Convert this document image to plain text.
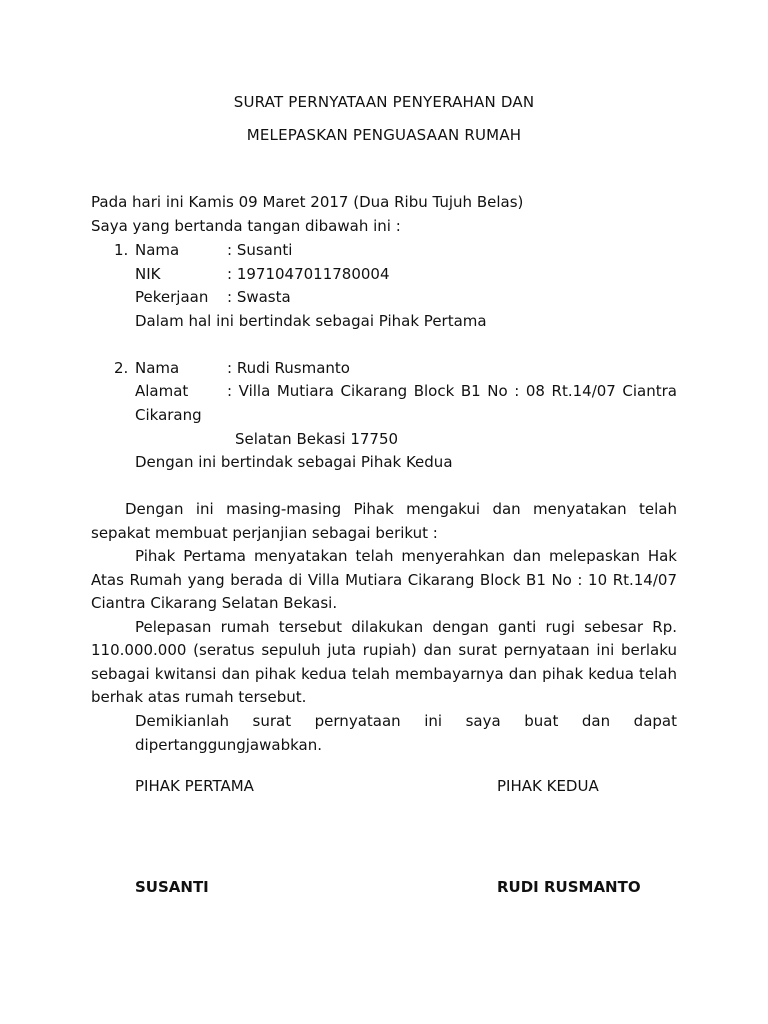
SURAT PERNYATAAN PENYERAHAN DAN
MELEPASKAN PENGUASAAN RUMAH
Pada hari ini Kamis 09 Maret 2017 (Dua Ribu Tujuh Belas)
Saya yang bertanda tangan dibawah ini :
1. Nama	: Susanti
NIK	: 1971047011780004
Pekerjaan : Swasta
Dalam hal ini bertindak sebagai Pihak Pertama
2. Nama	: Rudi Rusmanto
Alamat	: Villa Mutiara Cikarang Block B1 No : 08 Rt.14/07 Ciantra
Cikarang
Selatan Bekasi 17750
Dengan ini bertindak sebagai Pihak Kedua
Dengan ini masing-masing Pihak mengakui dan menyatakan telah
sepakat membuat perjanjian sebagai berikut :
Pihak Pertama menyatakan telah menyerahkan dan melepaskan Hak
Atas Rumah yang berada di Villa Mutiara Cikarang Block B1 No : 10 Rt.14/07
Ciantra Cikarang Selatan Bekasi.
Pelepasan rumah tersebut dilakukan dengan ganti rugi sebesar Rp.
110.000.000 (seratus sepuluh juta rupiah) dan surat pernyataan ini berlaku
sebagai kwitansi dan pihak kedua telah membayarnya dan pihak kedua telah
berhak atas rumah tersebut.
Demikianlah surat pernyataan ini saya buat dan dapat
dipertanggungjawabkan.
PIHAK PERTAMA	PIHAK KEDUA
SUSANTI	RUDI RUSMANTO
